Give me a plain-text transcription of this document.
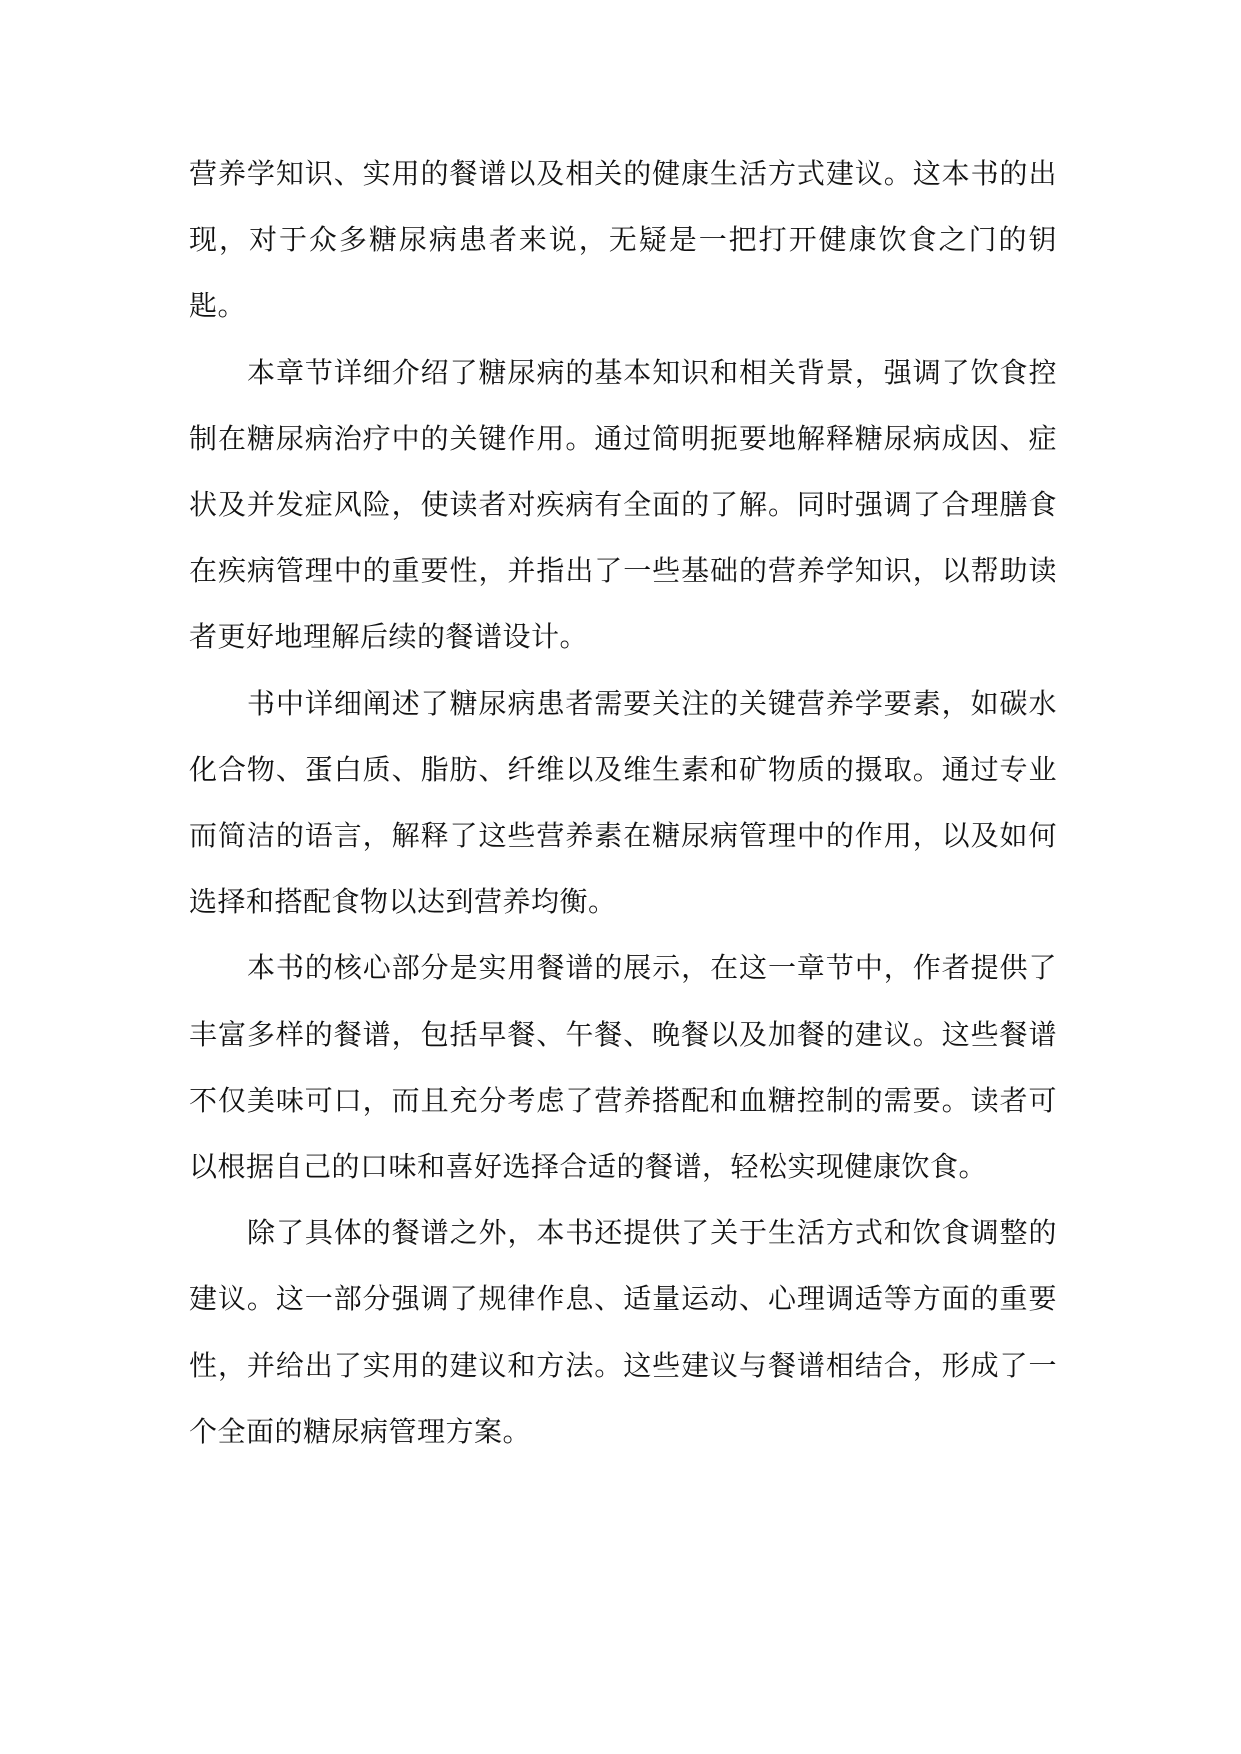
营养学知识、实用的餐谱以及相关的健康生活方式建议。这本书的出现，对于众多糖尿病患者来说，无疑是一把打开健康饮食之门的钥匙。

本章节详细介绍了糖尿病的基本知识和相关背景，强调了饮食控制在糖尿病治疗中的关键作用。通过简明扼要地解释糖尿病成因、症状及并发症风险，使读者对疾病有全面的了解。同时强调了合理膳食在疾病管理中的重要性，并指出了一些基础的营养学知识，以帮助读者更好地理解后续的餐谱设计。

书中详细阐述了糖尿病患者需要关注的关键营养学要素，如碳水化合物、蛋白质、脂肪、纤维以及维生素和矿物质的摄取。通过专业而简洁的语言，解释了这些营养素在糖尿病管理中的作用，以及如何选择和搭配食物以达到营养均衡。

本书的核心部分是实用餐谱的展示，在这一章节中，作者提供了丰富多样的餐谱，包括早餐、午餐、晚餐以及加餐的建议。这些餐谱不仅美味可口，而且充分考虑了营养搭配和血糖控制的需要。读者可以根据自己的口味和喜好选择合适的餐谱，轻松实现健康饮食。

除了具体的餐谱之外，本书还提供了关于生活方式和饮食调整的建议。这一部分强调了规律作息、适量运动、心理调适等方面的重要性，并给出了实用的建议和方法。这些建议与餐谱相结合，形成了一个全面的糖尿病管理方案。
